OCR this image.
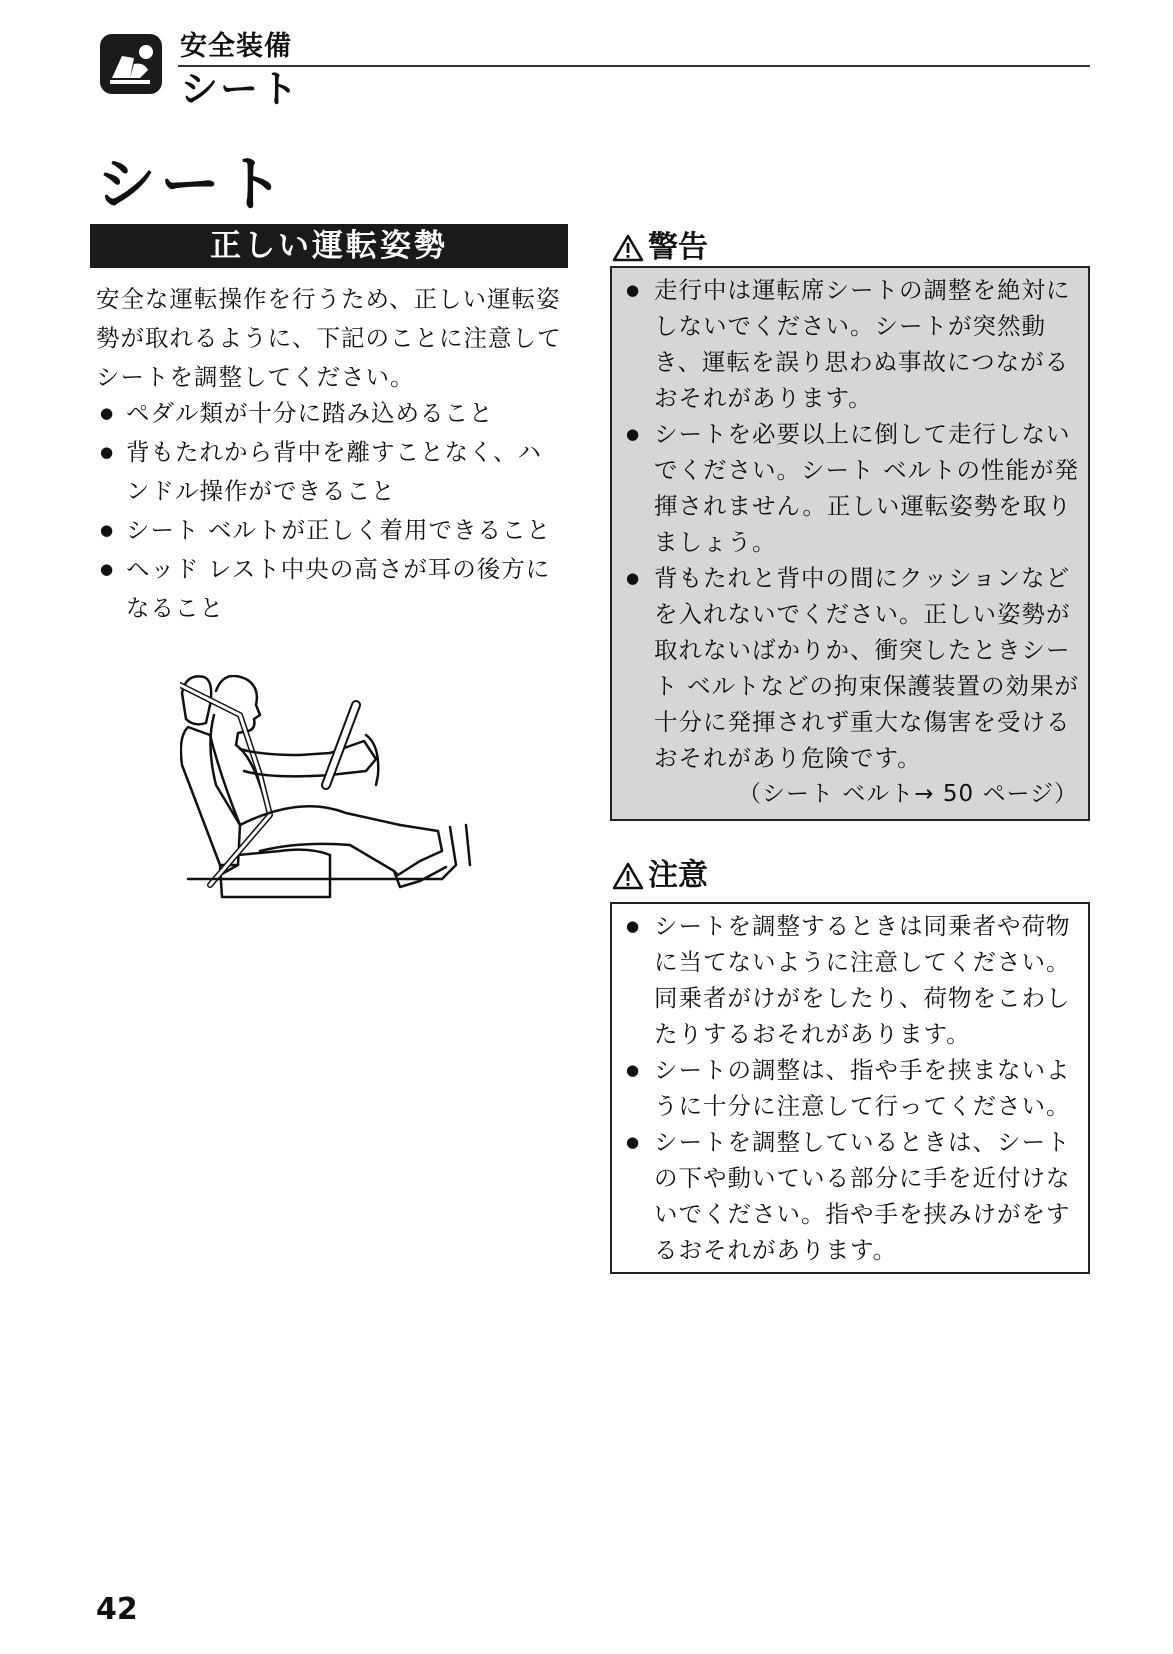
安全装備
シート
シート
正しい運転姿勢
安全な運転操作を行うため、正しい運転姿勢が取れるように、下記のことに注意してシートを調整してください。
● ペダル類が十分に踏み込めること
● 背もたれから背中を離すことなく、ハンドル操作ができること
● シート ベルトが正しく着用できること
● ヘッド レスト中央の高さが耳の後方になること
警告
● 走行中は運転席シートの調整を絶対にしないでください。シートが突然動き、運転を誤り思わぬ事故につながるおそれがあります。
● シートを必要以上に倒して走行しないでください。シート ベルトの性能が発揮されません。正しい運転姿勢を取りましょう。
● 背もたれと背中の間にクッションなどを入れないでください。正しい姿勢が取れないばかりか、衝突したときシート ベルトなどの拘束保護装置の効果が十分に発揮されず重大な傷害を受けるおそれがあり危険です。
（シート ベルト→ 50 ページ）
注意
● シートを調整するときは同乗者や荷物に当てないように注意してください。同乗者がけがをしたり、荷物をこわしたりするおそれがあります。
● シートの調整は、指や手を挟まないように十分に注意して行ってください。
● シートを調整しているときは、シートの下や動いている部分に手を近付けないでください。指や手を挟みけがをするおそれがあります。
42
